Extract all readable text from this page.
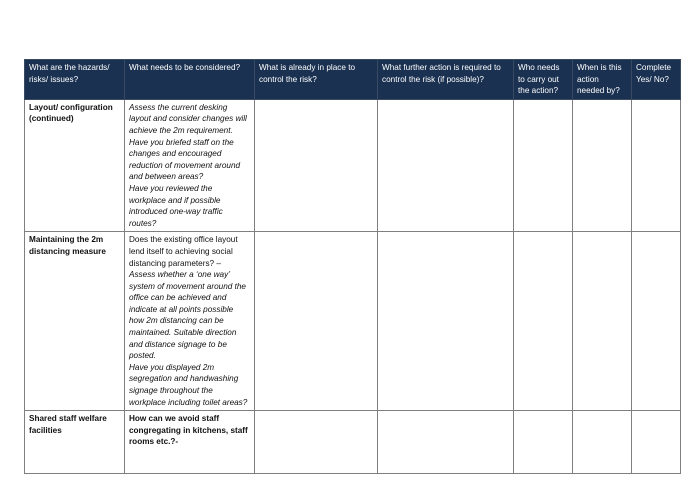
What are the hazards/ risks/ issues?	What needs to be considered?	What is already in place to control the risk?	What further action is required to control the risk (if possible)?	Who needs to carry out the action?	When is this action needed by?	Complete Yes/ No?
Layout/ configuration (continued)	Assess the current desking layout and consider changes will achieve the 2m requirement.
Have you briefed staff on the changes and encouraged reduction of movement around and between areas?
Have you reviewed the workplace and if possible introduced one-way traffic routes?					

Maintaining the 2m distancing measure	Does the existing office layout lend itself to achieving social distancing parameters? –
Assess whether a ‘one way’ system of movement around the office can be achieved and indicate at all points possible how 2m distancing can be maintained. Suitable direction and distance signage to be posted.
Have you displayed 2m segregation and handwashing signage throughout the workplace including toilet areas?					

Shared staff welfare facilities	How can we avoid staff congregating in kitchens, staff rooms etc.?-					
